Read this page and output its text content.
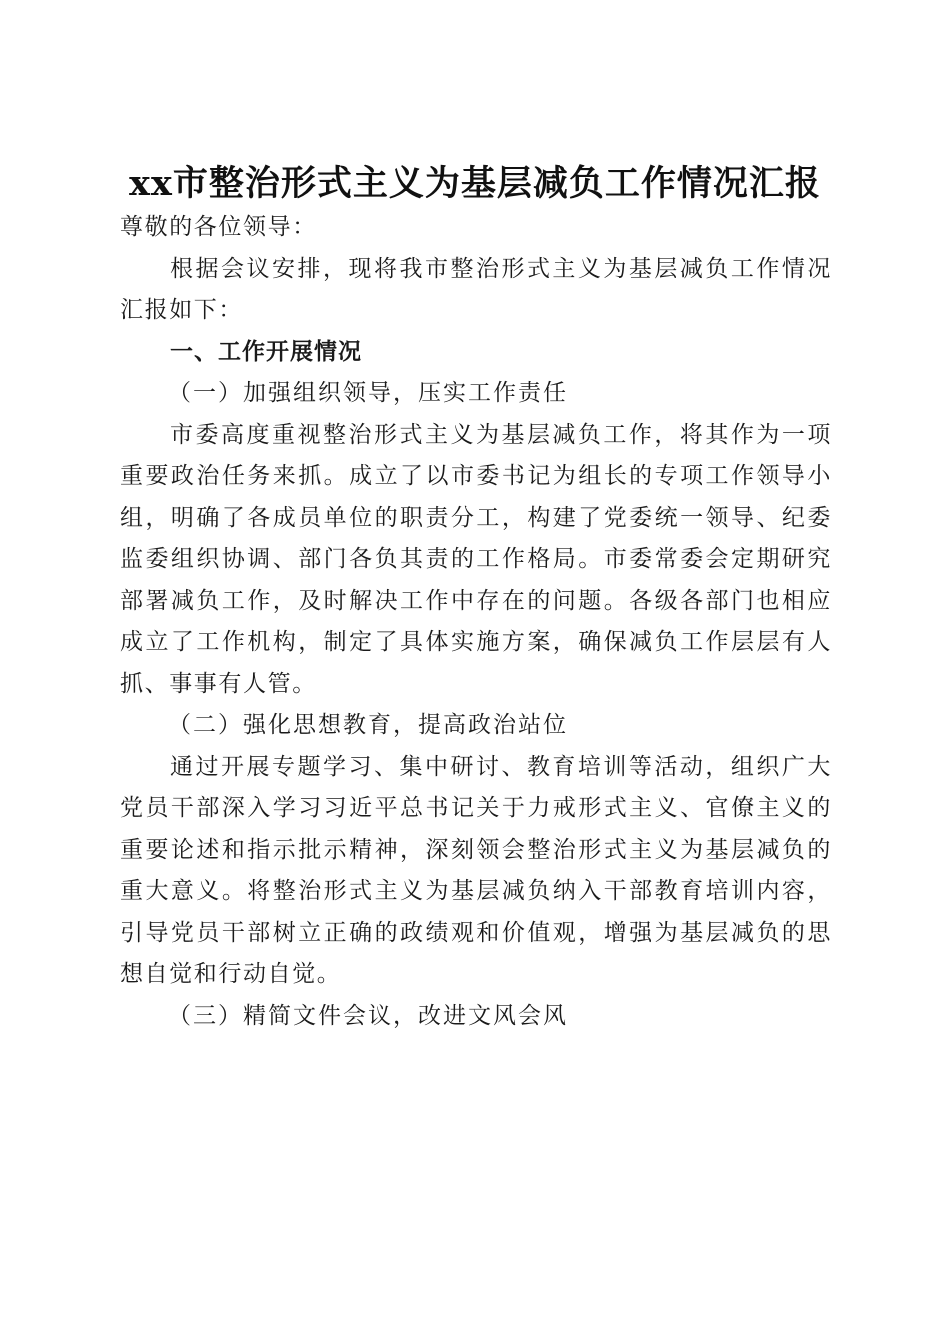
xx市整治形式主义为基层减负工作情况汇报

尊敬的各位领导：

根据会议安排，现将我市整治形式主义为基层减负工作情况汇报如下：

一、工作开展情况

（一）加强组织领导，压实工作责任

市委高度重视整治形式主义为基层减负工作，将其作为一项重要政治任务来抓。成立了以市委书记为组长的专项工作领导小组，明确了各成员单位的职责分工，构建了党委统一领导、纪委监委组织协调、部门各负其责的工作格局。市委常委会定期研究部署减负工作，及时解决工作中存在的问题。各级各部门也相应成立了工作机构，制定了具体实施方案，确保减负工作层层有人抓、事事有人管。

（二）强化思想教育，提高政治站位

通过开展专题学习、集中研讨、教育培训等活动，组织广大党员干部深入学习习近平总书记关于力戒形式主义、官僚主义的重要论述和指示批示精神，深刻领会整治形式主义为基层减负的重大意义。将整治形式主义为基层减负纳入干部教育培训内容，引导党员干部树立正确的政绩观和价值观，增强为基层减负的思想自觉和行动自觉。

（三）精简文件会议，改进文风会风
